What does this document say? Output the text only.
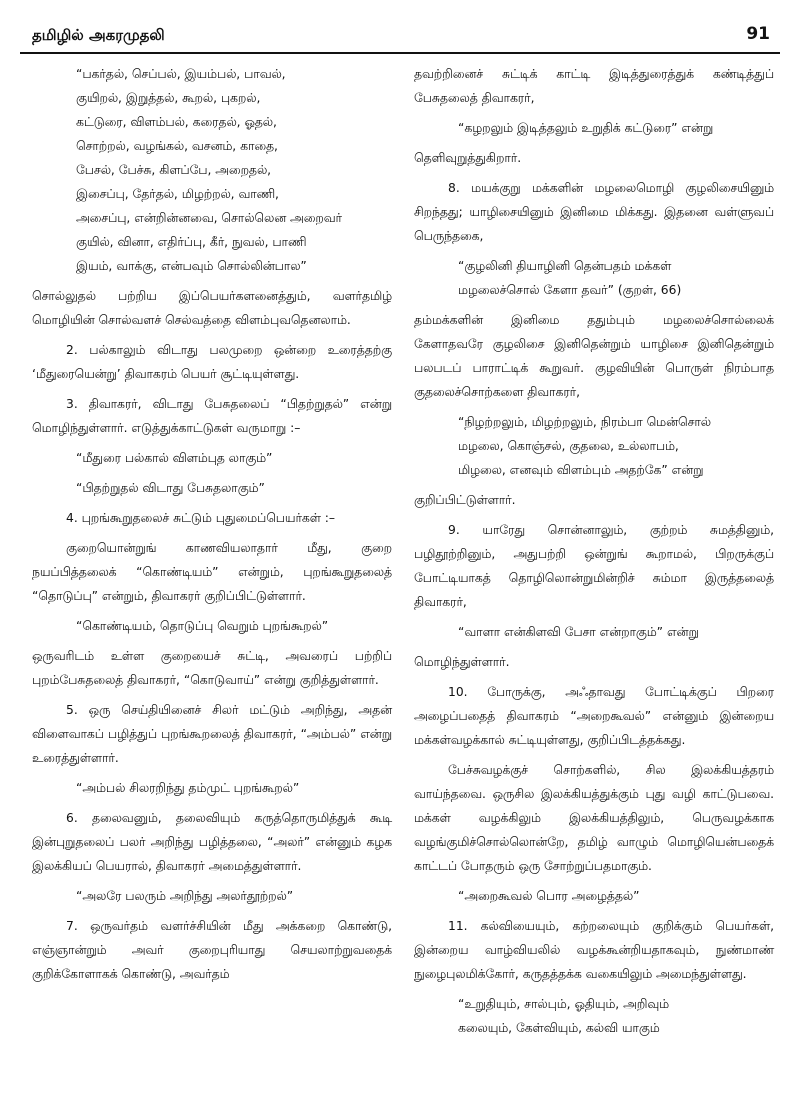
தமிழில் அகரமுதலி	91

“பகர்தல், செப்பல், இயம்பல், பாவல்,
குயிறல், இறுத்தல், கூறல், புகறல்,
கட்டுரை, விளம்பல், கரைதல், ஓதல்,
சொற்றல், வழங்கல், வசனம், காதை,
பேசல், பேச்சு, கிளப்பே, அறைதல்,
இசைப்பு, தேர்தல், மிழற்றல், வாணி,
அசைப்பு, என்றின்னவை, சொல்லென அறைவர்
குயில், வினா, எதிர்ப்பு, கீர், நுவல், பாணி
இயம், வாக்கு, என்பவும் சொல்லின்பால”

சொல்லுதல் பற்றிய இப்பெயர்களனைத்தும், வளர்தமிழ் மொழியின் சொல்வளச் செல்வத்தை விளம்புவதெனலாம்.

2. பல்காலும் விடாது பலமுறை ஒன்றை உரைத்தற்கு ‘மீதுரையென்று’ திவாகரம் பெயர் சூட்டியுள்ளது.

3. திவாகரர், விடாது பேசுதலைப் “பிதற்றுதல்” என்று மொழிந்துள்ளார். எடுத்துக்காட்டுகள் வருமாறு :–

“மீதுரை பல்கால் விளம்புத லாகும்”

“பிதற்றுதல் விடாது பேசுதலாகும்”

4. புறங்கூறுதலைச் சுட்டும் புதுமைப்பெயர்கள் :–

குறையொன்றுங் காணவியலாதார் மீது, குறை நயப்பித்தலைக் “கொண்டியம்” என்றும், புறங்கூறுதலைத் “தொடுப்பு” என்றும், திவாகரர் குறிப்பிட்டுள்ளார்.

“கொண்டியம், தொடுப்பு வெறும் புறங்கூறல்”

ஒருவரிடம் உள்ள குறையைச் சுட்டி, அவரைப் பற்றிப் புறம்பேசுதலைத் திவாகரர், “கொடுவாய்” என்று குறித்துள்ளார்.

5. ஒரு செய்தியினைச் சிலர் மட்டும் அறிந்து, அதன் விளைவாகப் பழித்துப் புறங்கூறலைத் திவாகரர், “அம்பல்” என்று உரைத்துள்ளார்.

“அம்பல் சிலரறிந்து தம்முட் புறங்கூறல்”

6. தலைவனும், தலைவியும் கருத்தொருமித்துக் கூடி இன்புறுதலைப் பலர் அறிந்து பழித்தலை, “அலர்” என்னும் கழக இலக்கியப் பெயரால், திவாகரர் அமைத்துள்ளார்.

“அலரே பலரும் அறிந்து அலர்தூற்றல்”

7. ஒருவர்தம் வளர்ச்சியின் மீது அக்கறை கொண்டு, எஞ்ஞான்றும் அவர் குறைபுரியாது செயலாற்றுவதைக் குறிக்கோளாகக் கொண்டு, அவர்தம்

தவற்றினைச் சுட்டிக் காட்டி இடித்துரைத்துக் கண்டித்துப் பேசுதலைத் திவாகரர்,

“கழறலும் இடித்தலும் உறுதிக் கட்டுரை” என்று

தெளிவுறுத்துகிறார்.

8. மயக்குறு மக்களின் மழலைமொழி குழலிசையினும் சிறந்தது; யாழிசையினும் இனிமை மிக்கது. இதனை வள்ளுவப் பெருந்தகை,

“குழலினி தியாழினி தென்பதம் மக்கள்
மழலைச்சொல் கேளா தவர்” (குறள், 66)

தம்மக்களின் இனிமை ததும்பும் மழலைச்சொல்லைக் கேளாதவரே குழலிசை இனிதென்றும் யாழிசை இனிதென்றும் பலபடப் பாராட்டிக் கூறுவர். குழவியின் பொருள் நிரம்பாத குதலைச்சொற்களை திவாகரர்,

“நிழற்றலும், மிழற்றலும், நிரம்பா மென்சொல்
மழலை, கொஞ்சல், குதலை, உல்லாபம்,
மிழலை, எனவும் விளம்பும் அதற்கே” என்று

குறிப்பிட்டுள்ளார்.

9. யாரேது சொன்னாலும், குற்றம் சுமத்தினும், பழிதூற்றினும், அதுபற்றி ஒன்றுங் கூறாமல், பிறருக்குப் போட்டியாகத் தொழிலொன்றுமின்றிச் சும்மா இருத்தலைத் திவாகரர்,

“வாளா என்கிளவி பேசா என்றாகும்” என்று

மொழிந்துள்ளார்.

10. போருக்கு, அஃதாவது போட்டிக்குப் பிறரை அழைப்பதைத் திவாகரம் “அறைகூவல்” என்னும் இன்றைய மக்கள்வழக்கால் சுட்டியுள்ளது, குறிப்பிடத்தக்கது.

பேச்சுவழக்குச் சொற்களில், சில இலக்கியத்தரம் வாய்ந்தவை. ஒருசில இலக்கியத்துக்கும் புது வழி காட்டுபவை. மக்கள் வழக்கிலும் இலக்கியத்திலும், பெருவழக்காக வழங்குமிச்சொல்லொன்றே, தமிழ் வாழும் மொழியென்பதைக் காட்டப் போதரும் ஒரு சோற்றுப்பதமாகும்.

“அறைகூவல் பொர அழைத்தல்”

11. கல்வியையும், கற்றலையும் குறிக்கும் பெயர்கள், இன்றைய வாழ்வியலில் வழக்கூன்றியதாகவும், நுண்மாண் நுழைபுலமிக்கோர், கருதத்தக்க வகையிலும் அமைந்துள்ளது.

“உறுதியும், சால்பும், ஓதியும், அறிவும்
கலையும், கேள்வியும், கல்வி யாகும்
